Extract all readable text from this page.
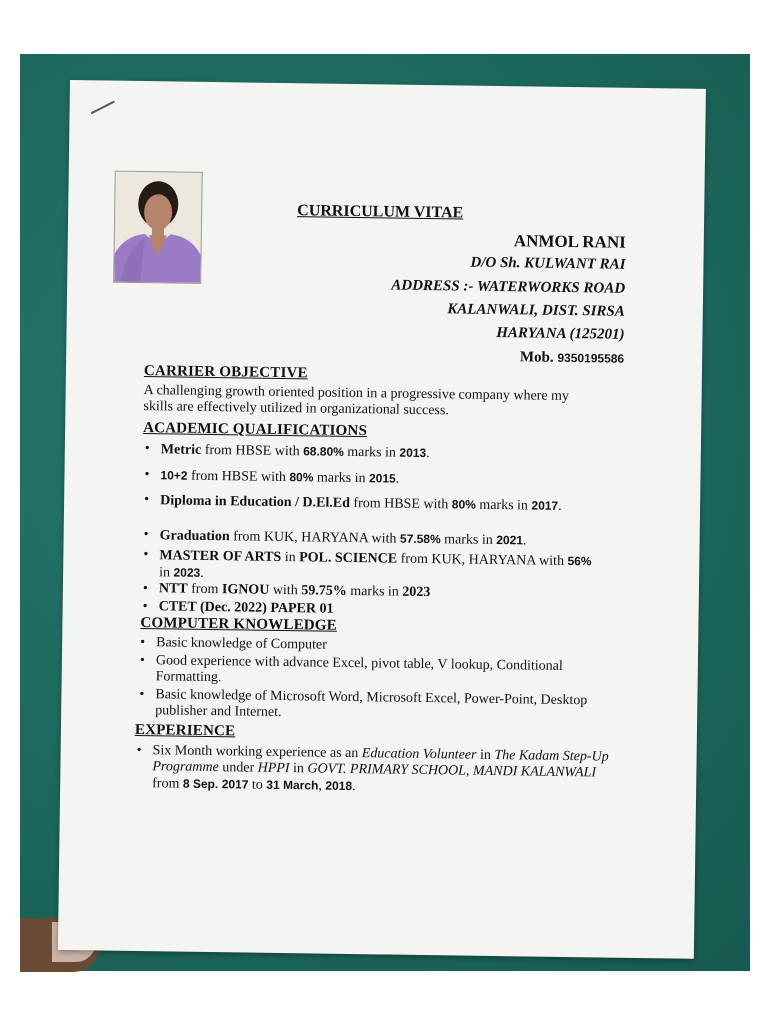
CURRICULUM VITAE
ANMOL RANI
D/O Sh. KULWANT RAI
ADDRESS :- WATERWORKS ROAD
KALANWALI, DIST. SIRSA
HARYANA (125201)
Mob. 9350195586
CARRIER OBJECTIVE
A challenging growth oriented position in a progressive company where my
skills are effectively utilized in organizational success.
ACADEMIC QUALIFICATIONS
• Metric from HBSE with 68.80% marks in 2013.
• 10+2 from HBSE with 80% marks in 2015.
• Diploma in Education / D.El.Ed from HBSE with 80% marks in 2017.
• Graduation from KUK, HARYANA with 57.58% marks in 2021.
• MASTER OF ARTS in POL. SCIENCE from KUK, HARYANA with 56% in 2023.
• NTT from IGNOU with 59.75% marks in 2023
• CTET (Dec. 2022) PAPER 01
COMPUTER KNOWLEDGE
• Basic knowledge of Computer
• Good experience with advance Excel, pivot table, V lookup, Conditional Formatting.
• Basic knowledge of Microsoft Word, Microsoft Excel, Power-Point, Desktop publisher and Internet.
EXPERIENCE
• Six Month working experience as an Education Volunteer in The Kadam Step-Up Programme under HPPI in GOVT. PRIMARY SCHOOL, MANDI KALANWALI from 8 Sep. 2017 to 31 March, 2018.
